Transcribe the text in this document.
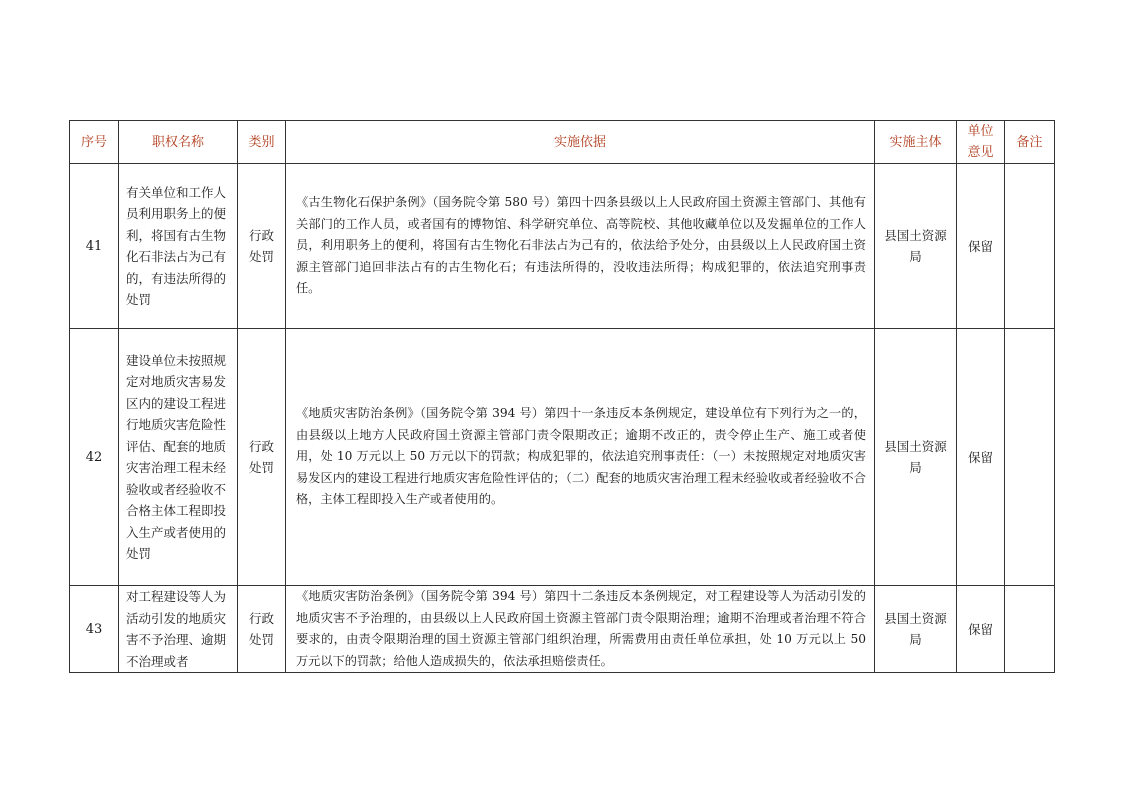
序号	职权名称	类别	实施依据	实施主体	单位意见	备注
41	有关单位和工作人员利用职务上的便利，将国有古生物化石非法占为己有的，有违法所得的处罚	行政处罚	《古生物化石保护条例》（国务院令第 580 号）第四十四条县级以上人民政府国土资源主管部门、其他有关部门的工作人员，或者国有的博物馆、科学研究单位、高等院校、其他收藏单位以及发掘单位的工作人员，利用职务上的便利，将国有古生物化石非法占为己有的，依法给予处分，由县级以上人民政府国土资源主管部门追回非法占有的古生物化石；有违法所得的，没收违法所得；构成犯罪的，依法追究刑事责任。	县国土资源局	保留	
42	建设单位未按照规定对地质灾害易发区内的建设工程进行地质灾害危险性评估、配套的地质灾害治理工程未经验收或者经验收不合格主体工程即投入生产或者使用的处罚	行政处罚	《地质灾害防治条例》（国务院令第 394 号）第四十一条违反本条例规定，建设单位有下列行为之一的，由县级以上地方人民政府国土资源主管部门责令限期改正；逾期不改正的，责令停止生产、施工或者使用，处 10 万元以上 50 万元以下的罚款；构成犯罪的，依法追究刑事责任：（一）未按照规定对地质灾害易发区内的建设工程进行地质灾害危险性评估的；（二）配套的地质灾害治理工程未经验收或者经验收不合格，主体工程即投入生产或者使用的。	县国土资源局	保留	
43	对工程建设等人为活动引发的地质灾害不予治理、逾期不治理或者	行政处罚	《地质灾害防治条例》（国务院令第 394 号）第四十二条违反本条例规定，对工程建设等人为活动引发的地质灾害不予治理的，由县级以上人民政府国土资源主管部门责令限期治理；逾期不治理或者治理不符合要求的，由责令限期治理的国土资源主管部门组织治理，所需费用由责任单位承担，处 10 万元以上 50 万元以下的罚款；给他人造成损失的，依法承担赔偿责任。	县国土资源局	保留	
